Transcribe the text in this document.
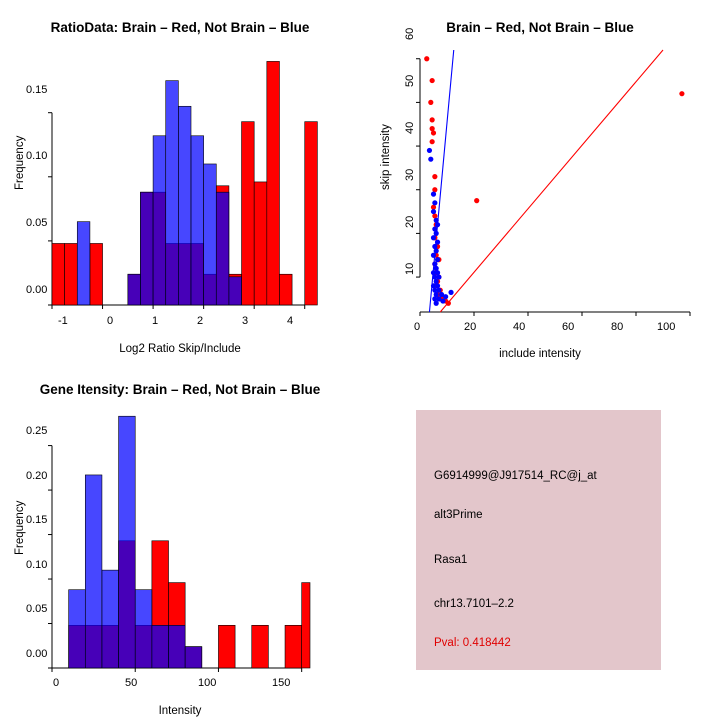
RatioData: Brain – Red, Not Brain – Blue
Frequency
Log2 Ratio Skip/Include
0.00
0.05
0.10
0.15
-1	0	1	2	3	4
Brain – Red, Not Brain – Blue
skip intensity
include intensity
10
20
30
40
50
60
0	20	40	60	80	100
Gene Itensity: Brain – Red, Not Brain – Blue
Frequency
Intensity
0.00
0.05
0.10
0.15
0.20
0.25
0	50	100	150
G6914999@J917514_RC@j_at
alt3Prime
Rasa1
chr13.7101–2.2
Pval: 0.418442
